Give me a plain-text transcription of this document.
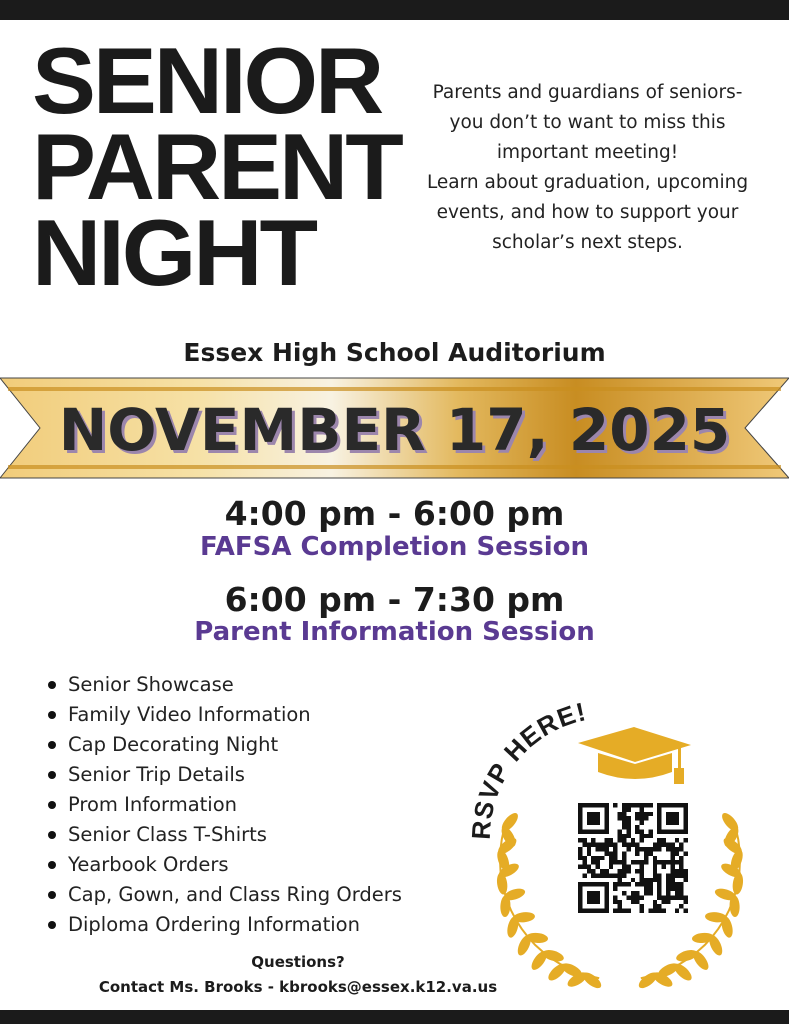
SENIOR
PARENT
NIGHT
Parents and guardians of seniors-
you don’t to want to miss this
important meeting!
Learn about graduation, upcoming
events, and how to support your
scholar’s next steps.
Essex High School Auditorium
NOVEMBER 17, 2025
4:00 pm - 6:00 pm
FAFSA Completion Session
6:00 pm - 7:30 pm
Parent Information Session
Senior Showcase
Family Video Information
Cap Decorating Night
Senior Trip Details
Prom Information
Senior Class T-Shirts
Yearbook Orders
Cap, Gown, and Class Ring Orders
Diploma Ordering Information
Questions?
Contact Ms. Brooks - kbrooks@essex.k12.va.us
RSVP HERE!
